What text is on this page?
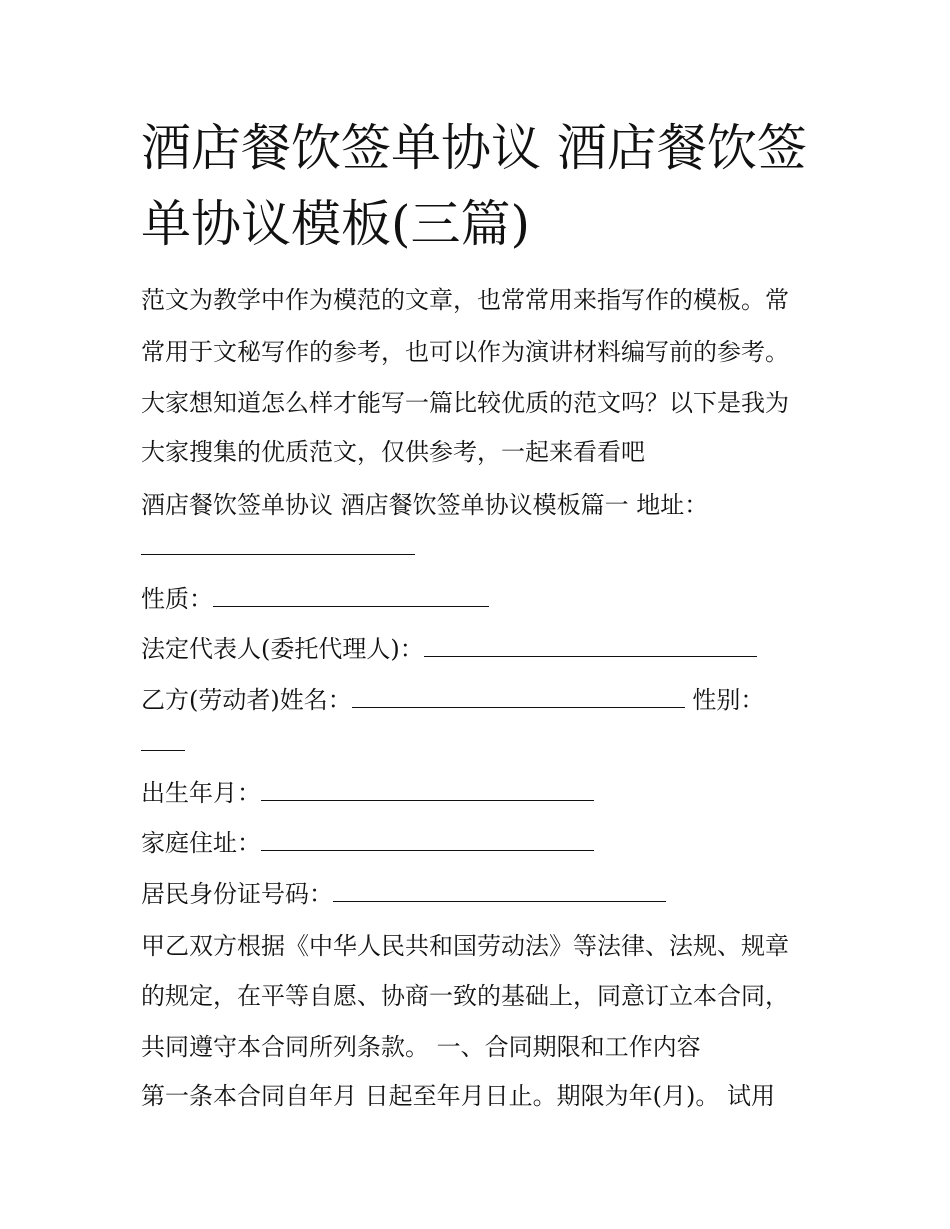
酒店餐饮签单协议 酒店餐饮签
单协议模板(三篇)

范文为教学中作为模范的文章，也常常用来指写作的模板。常

常用于文秘写作的参考，也可以作为演讲材料编写前的参考。

大家想知道怎么样才能写一篇比较优质的范文吗？以下是我为

大家搜集的优质范文，仅供参考，一起来看看吧

酒店餐饮签单协议 酒店餐饮签单协议模板篇一 地址：

性质：

法定代表人(委托代理人)：

乙方(劳动者)姓名：	性别：

出生年月：

家庭住址：

居民身份证号码：

甲乙双方根据《中华人民共和国劳动法》等法律、法规、规章

的规定，在平等自愿、协商一致的基础上，同意订立本合同，

共同遵守本合同所列条款。 一、合同期限和工作内容

第一条本合同自年月 日起至年月日止。期限为年(月)。 试用
